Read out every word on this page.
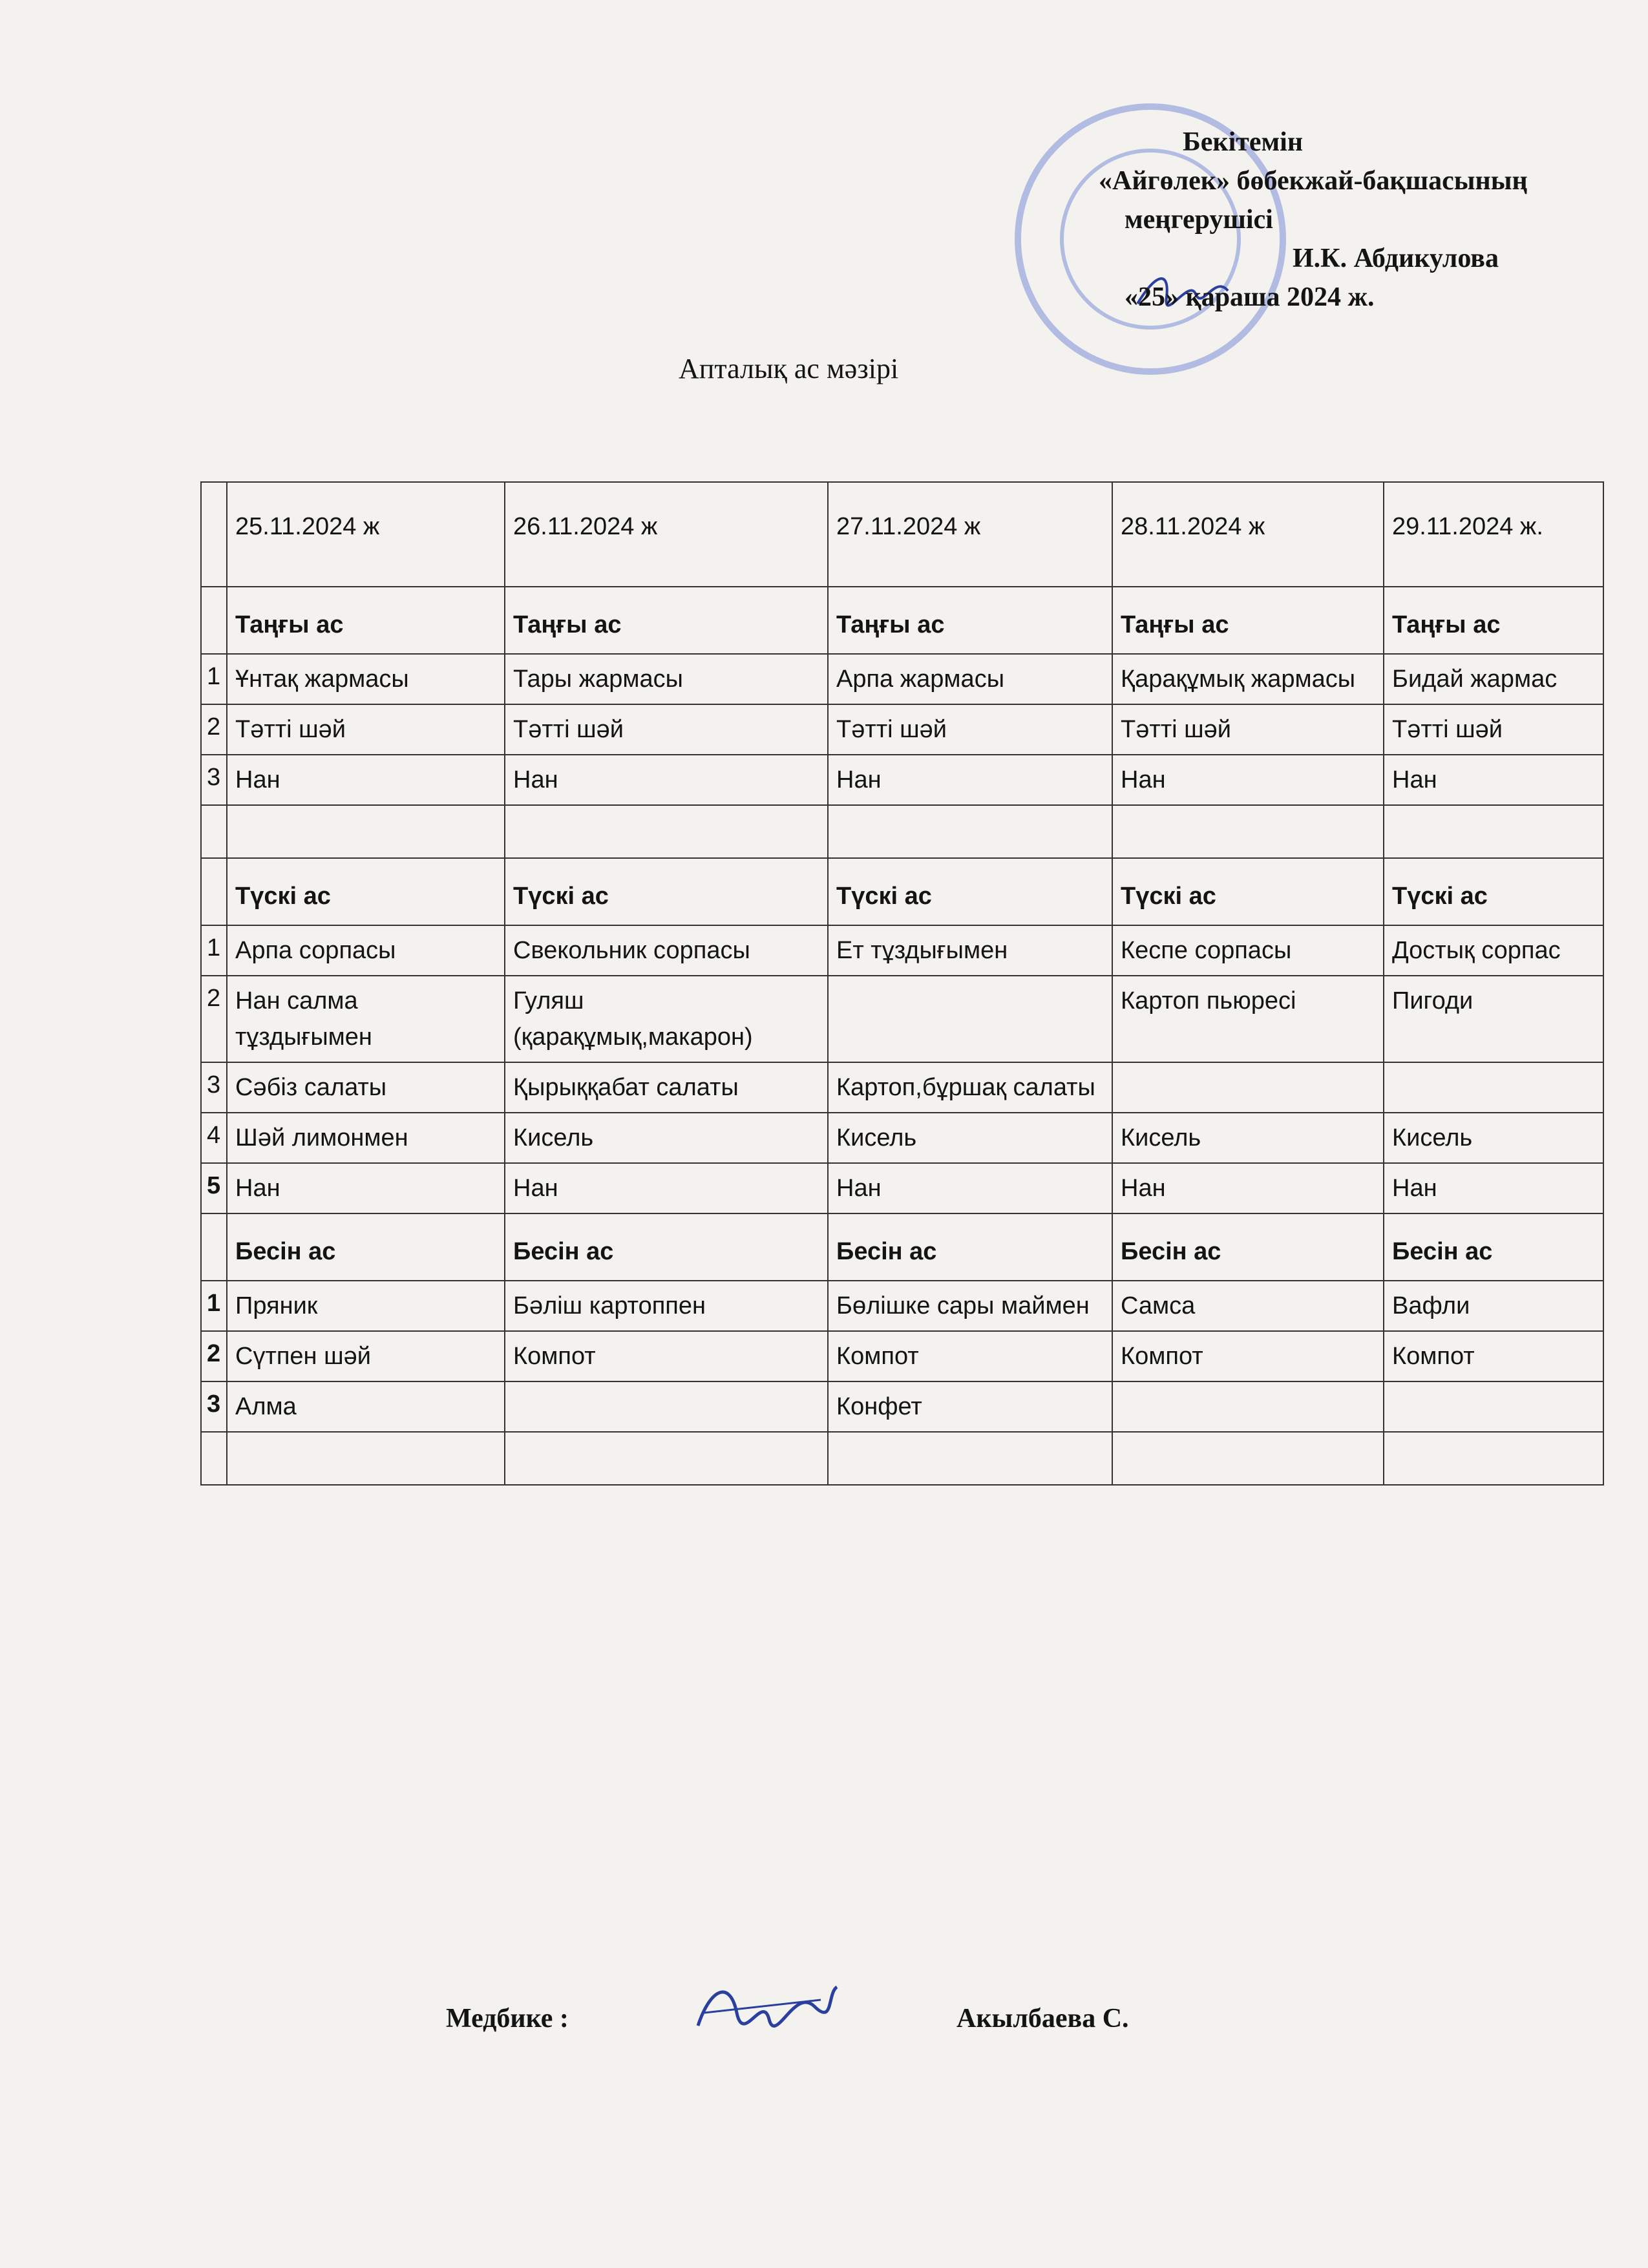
Бекітемін
«Айгөлек» бөбекжай-бақшасының
меңгерушісі
И.К. Абдикулова
«25» қараша 2024 ж.
Апталық ас мәзірі
	25.11.2024 ж	26.11.2024 ж	27.11.2024 ж	28.11.2024 ж	29.11.2024 ж.
	Таңғы ас	Таңғы ас	Таңғы ас	Таңғы ас	Таңғы ас
1	Ұнтақ жармасы	Тары жармасы	Арпа жармасы	Қарақұмық жармасы	Бидай жармас
2	Тәтті шәй	Тәтті шәй	Тәтті шәй	Тәтті шәй	Тәтті шәй
3	Нан	Нан	Нан	Нан	Нан

	Түскі ас	Түскі ас	Түскі ас	Түскі ас	Түскі ас
1	Арпа сорпасы	Свекольник сорпасы	Ет тұздығымен	Кеспе сорпасы	Достық сорпас
2	Нан салма тұздығымен	Гуляш (қарақұмық,макарон)		Картоп пьюресі	Пигоди
3	Сәбіз салаты	Қырыққабат салаты	Картоп,бұршақ салаты		
4	Шәй лимонмен	Кисель	Кисель	Кисель	Кисель
5	Нан	Нан	Нан	Нан	Нан
	Бесін ас	Бесін ас	Бесін ас	Бесін ас	Бесін ас
1	Пряник	Бәліш картоппен	Бөлішке сары маймен	Самса	Вафли
2	Сүтпен шәй	Компот	Компот	Компот	Компот
3	Алма		Конфет		

Медбике :	Акылбаева С.
